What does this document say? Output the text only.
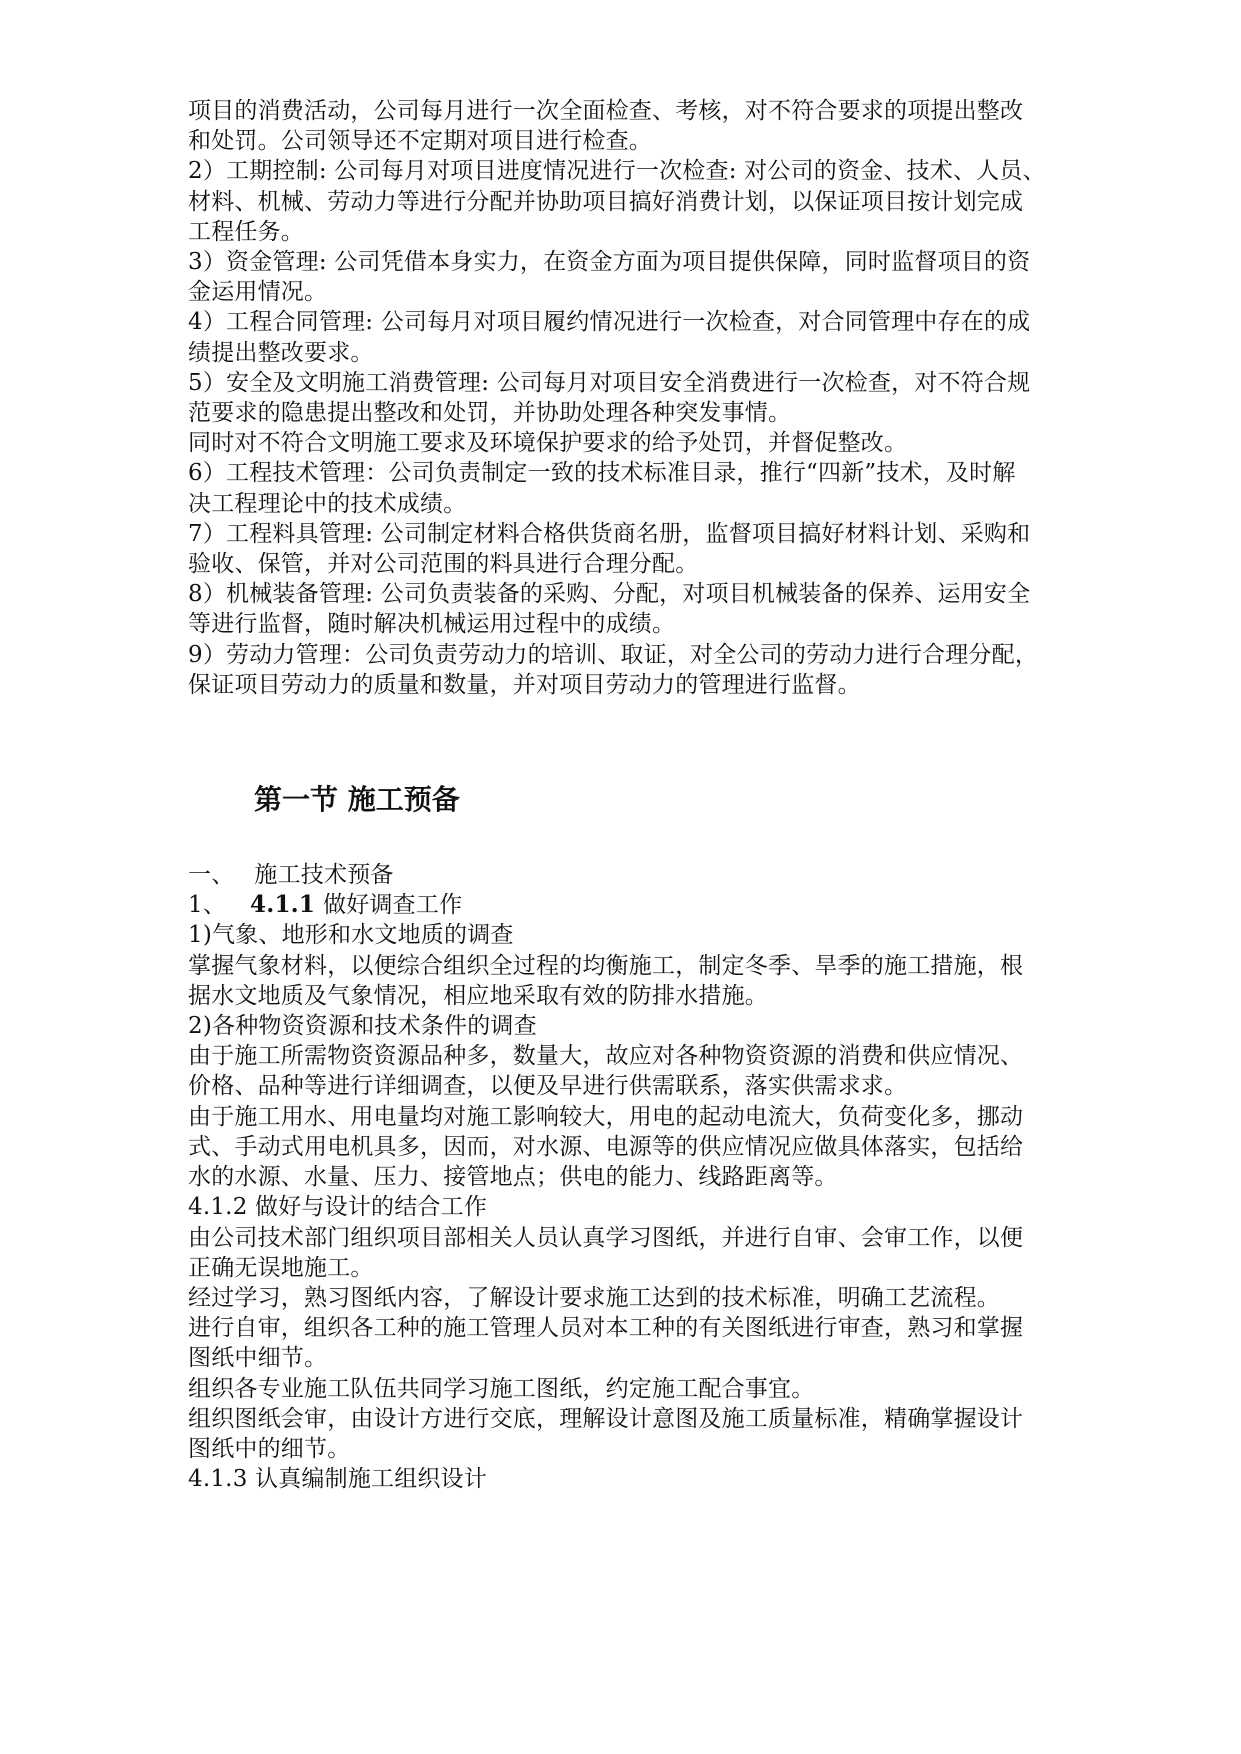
项目的消费活动，公司每月进行一次全面检查、考核，对不符合要求的项提出整改
和处罚。公司领导还不定期对项目进行检查。
2）工期控制: 公司每月对项目进度情况进行一次检查: 对公司的资金、技术、人员、
材料、机械、劳动力等进行分配并协助项目搞好消费计划，以保证项目按计划完成
工程任务。
3）资金管理: 公司凭借本身实力，在资金方面为项目提供保障，同时监督项目的资
金运用情况。
4）工程合同管理: 公司每月对项目履约情况进行一次检查，对合同管理中存在的成
绩提出整改要求。
5）安全及文明施工消费管理: 公司每月对项目安全消费进行一次检查，对不符合规
范要求的隐患提出整改和处罚，并协助处理各种突发事情。
同时对不符合文明施工要求及环境保护要求的给予处罚，并督促整改。
6）工程技术管理：公司负责制定一致的技术标准目录，推行“四新”技术，及时解
决工程理论中的技术成绩。
7）工程料具管理: 公司制定材料合格供货商名册，监督项目搞好材料计划、采购和
验收、保管，并对公司范围的料具进行合理分配。
8）机械装备管理: 公司负责装备的采购、分配，对项目机械装备的保养、运用安全
等进行监督，随时解决机械运用过程中的成绩。
9）劳动力管理：公司负责劳动力的培训、取证，对全公司的劳动力进行合理分配，
保证项目劳动力的质量和数量，并对项目劳动力的管理进行监督。
第一节 施工预备
一、 施工技术预备
1、 4.1.1 做好调查工作
1)气象、地形和水文地质的调查
掌握气象材料，以便综合组织全过程的均衡施工，制定冬季、旱季的施工措施，根
据水文地质及气象情况，相应地采取有效的防排水措施。
2)各种物资资源和技术条件的调查
由于施工所需物资资源品种多，数量大，故应对各种物资资源的消费和供应情况、
价格、品种等进行详细调查，以便及早进行供需联系，落实供需求求。
由于施工用水、用电量均对施工影响较大，用电的起动电流大，负荷变化多，挪动
式、手动式用电机具多，因而，对水源、电源等的供应情况应做具体落实，包括给
水的水源、水量、压力、接管地点；供电的能力、线路距离等。
4.1.2 做好与设计的结合工作
由公司技术部门组织项目部相关人员认真学习图纸，并进行自审、会审工作，以便
正确无误地施工。
经过学习，熟习图纸内容，了解设计要求施工达到的技术标准，明确工艺流程。
进行自审，组织各工种的施工管理人员对本工种的有关图纸进行审查，熟习和掌握
图纸中细节。
组织各专业施工队伍共同学习施工图纸，约定施工配合事宜。
组织图纸会审，由设计方进行交底，理解设计意图及施工质量标准，精确掌握设计
图纸中的细节。
4.1.3 认真编制施工组织设计
